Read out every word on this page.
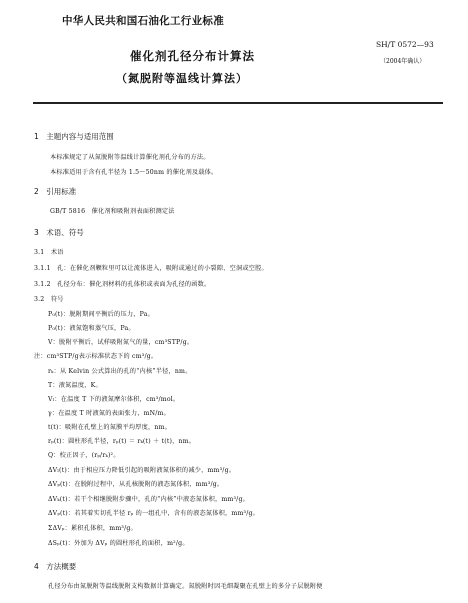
中华人民共和国石油化工行业标准
催化剂孔径分布计算法
（氮脱附等温线计算法）
SH/T 0572—93
（2004年确认）
1　主题内容与适用范围
本标准规定了从氮脱附等温线计算催化剂孔分布的方法。
本标准适用于含有孔半径为 1.5～50nm 的催化剂及载体。
2　引用标准
GB/T 5816　催化剂和吸附剂表面积测定法
3　术语、符号
3.1　术语
3.1.1　孔：在催化剂颗粒里可以让流体进入，吸附或通过的小裂隙、空洞或空腔。
3.1.2　孔径分布：催化剂材料的孔体积或表面为孔径的函数。
3.2　符号
P₀(t)：脱附期间平衡后的压力，Pa。
P₀(t)：液氮饱和蒸气压，Pa。
V：脱附平衡后，试样吸附氮气的量，cm³STP/g。
注：cm³STP/g表示标准状态下的 cm³/g。
rₖ：从 Kelvin 公式算出的孔的“内核”半径，nm。
T：液氮温度，K。
Vₗ：在温度 T 下的液氮摩尔体积，cm³/mol。
γ：在温度 T 时液氮的表面张力，mN/m。
t(t)：吸附在孔壁上的氮膜平均厚度，nm。
rₚ(t)：圆柱形孔半径，rₚ(t) ＝ rₖ(t) ＋ t(t)，nm。
Q：校正因子，(rₚ/rₖ)²。
ΔVₗ(t)：由于相应压力降低引起的吸附液氮体积的减少，mm³/g。
ΔVₚ(t)：在脱附过程中，从孔核脱附的液态氮体积，mm³/g。
ΔVₖ(t)：若干个相继脱附步骤中，孔的“内核”中液态氮体积，mm³/g。
ΔVₚ(t)：若其着实切孔半径 rₚ 的一组孔中，含有的液态氮体积，mm³/g。
ΣΔVₚ：累积孔体积，mm³/g。
ΔSₚ(t)：外加为 ΔVₚ 的圆柱形孔的面积，m²/g。
4　方法概要
孔径分布由氮脱附等温线脱附支构数据计算确定。氮脱附时因毛细凝聚在孔壁上的多分子层脱附便
